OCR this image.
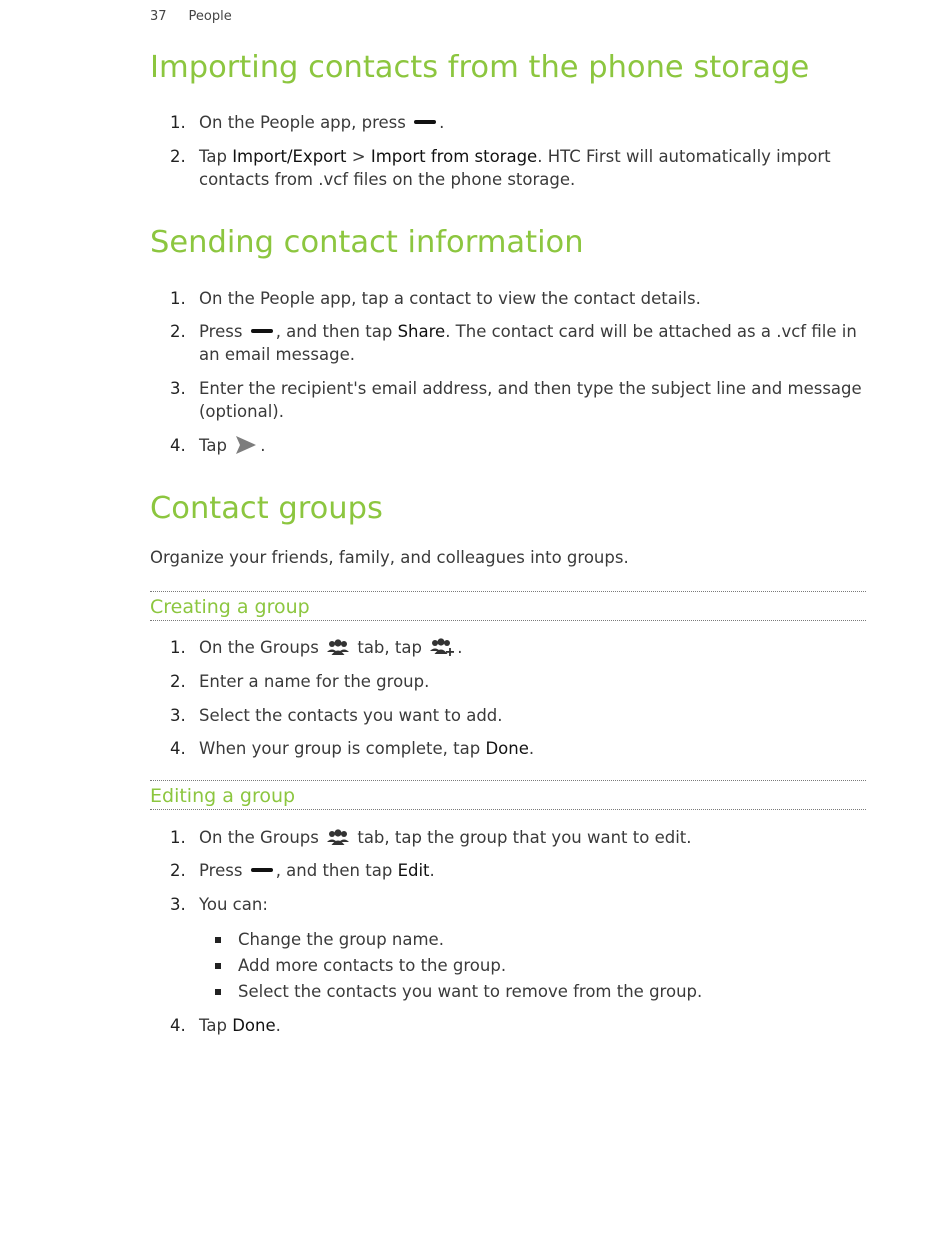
37 People
Importing contacts from the phone storage
1. On the People app, press .
2. Tap Import/Export > Import from storage. HTC First will automatically import
contacts from .vcf files on the phone storage.
Sending contact information
1. On the People app, tap a contact to view the contact details.
2. Press , and then tap Share. The contact card will be attached as a .vcf file in
an email message.
3. Enter the recipient's email address, and then type the subject line and message
(optional).
4. Tap .
Contact groups

Organize your friends, family, and colleagues into groups.

Creating a group
1. On the Groups tab, tap .
2. Enter a name for the group.
3. Select the contacts you want to add.
4. When your group is complete, tap Done.
Editing a group
1. On the Groups tab, tap the group that you want to edit.
2. Press , and then tap Edit.
3. You can:
Change the group name.
Add more contacts to the group.
Select the contacts you want to remove from the group.
4. Tap Done.
